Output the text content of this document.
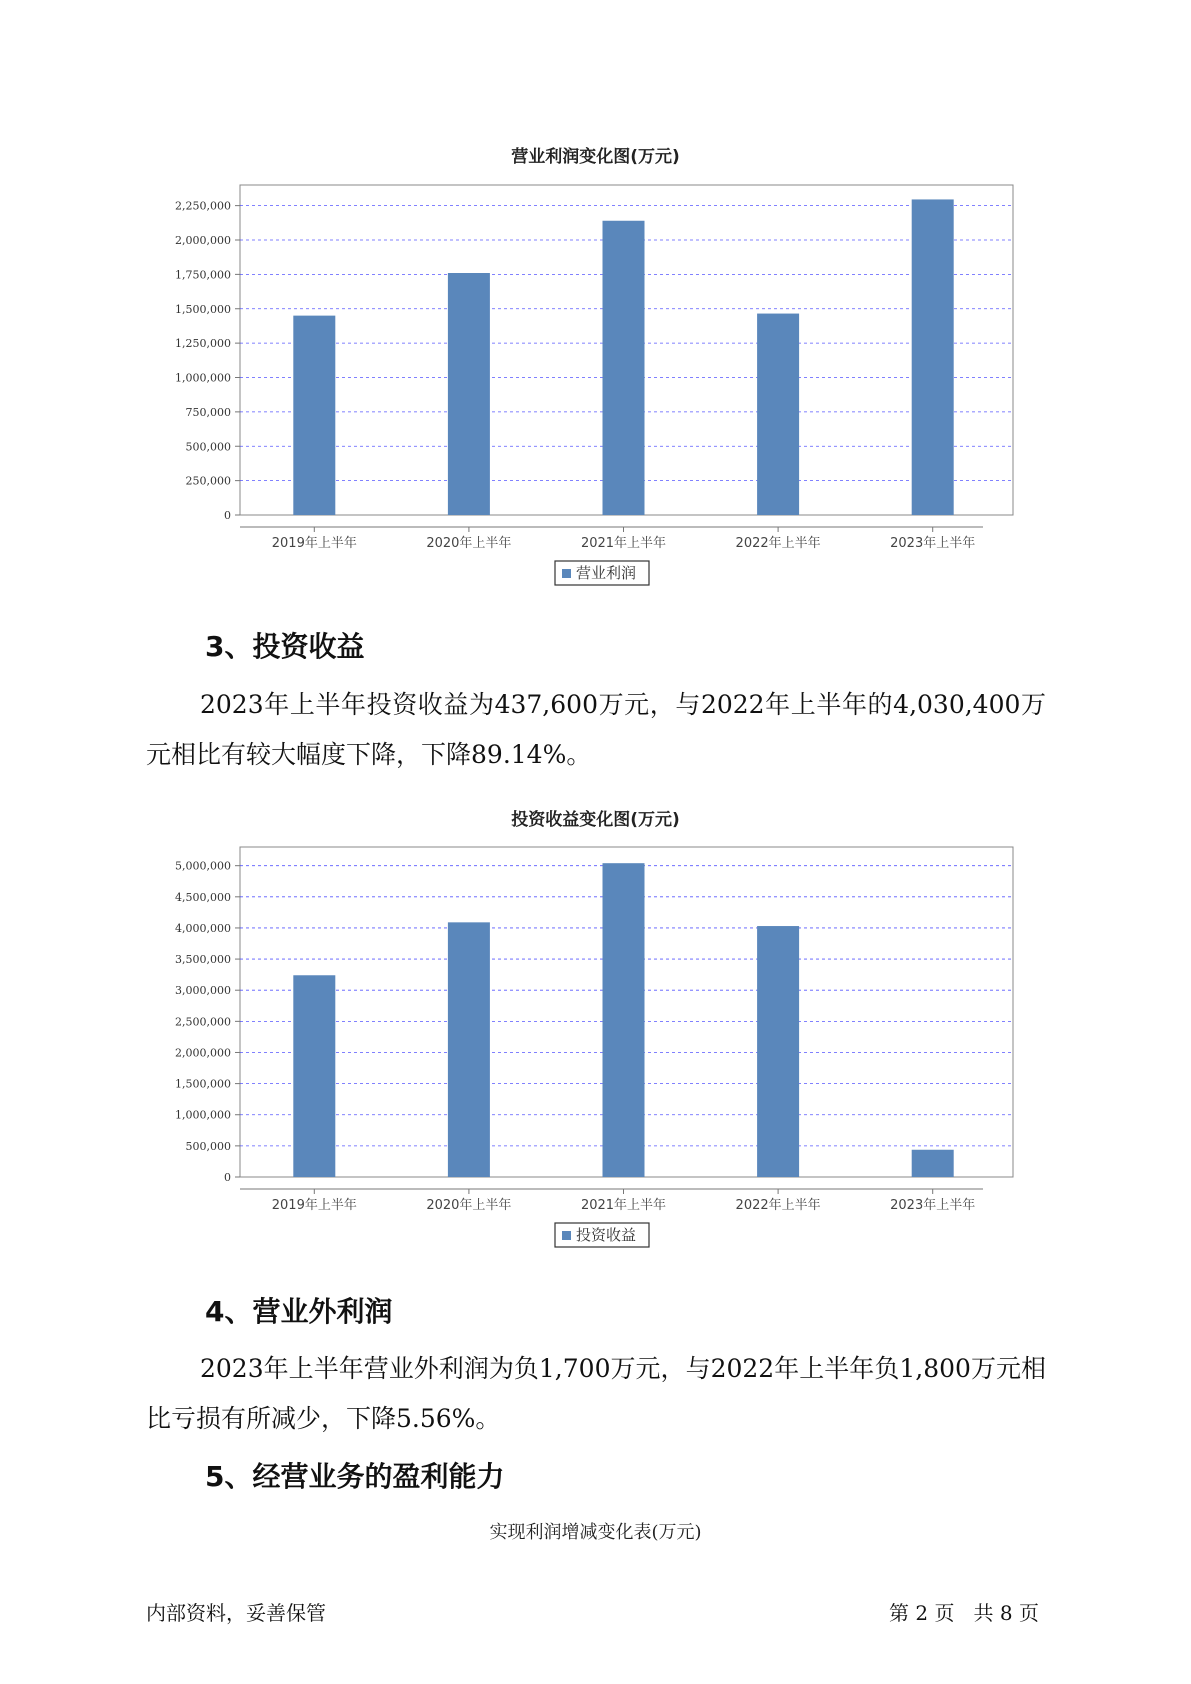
营业利润变化图(万元)
0
250,000
500,000
750,000
1,000,000
1,250,000
1,500,000
1,750,000
2,000,000
2,250,000
2019年上半年	2020年上半年	2021年上半年	2022年上半年	2023年上半年
营业利润
3、投资收益

2023年上半年投资收益为437,600万元，与2022年上半年的4,030,400万元相比有较大幅度下降，下降89.14%。

投资收益变化图(万元)
0
500,000
1,000,000
1,500,000
2,000,000
2,500,000
3,000,000
3,500,000
4,000,000
4,500,000
5,000,000
2019年上半年	2020年上半年	2021年上半年	2022年上半年	2023年上半年
投资收益
4、营业外利润

2023年上半年营业外利润为负1,700万元，与2022年上半年负1,800万元相比亏损有所减少，下降5.56%。

5、经营业务的盈利能力
实现利润增减变化表(万元)
内部资料，妥善保管	第 2 页   共 8 页
